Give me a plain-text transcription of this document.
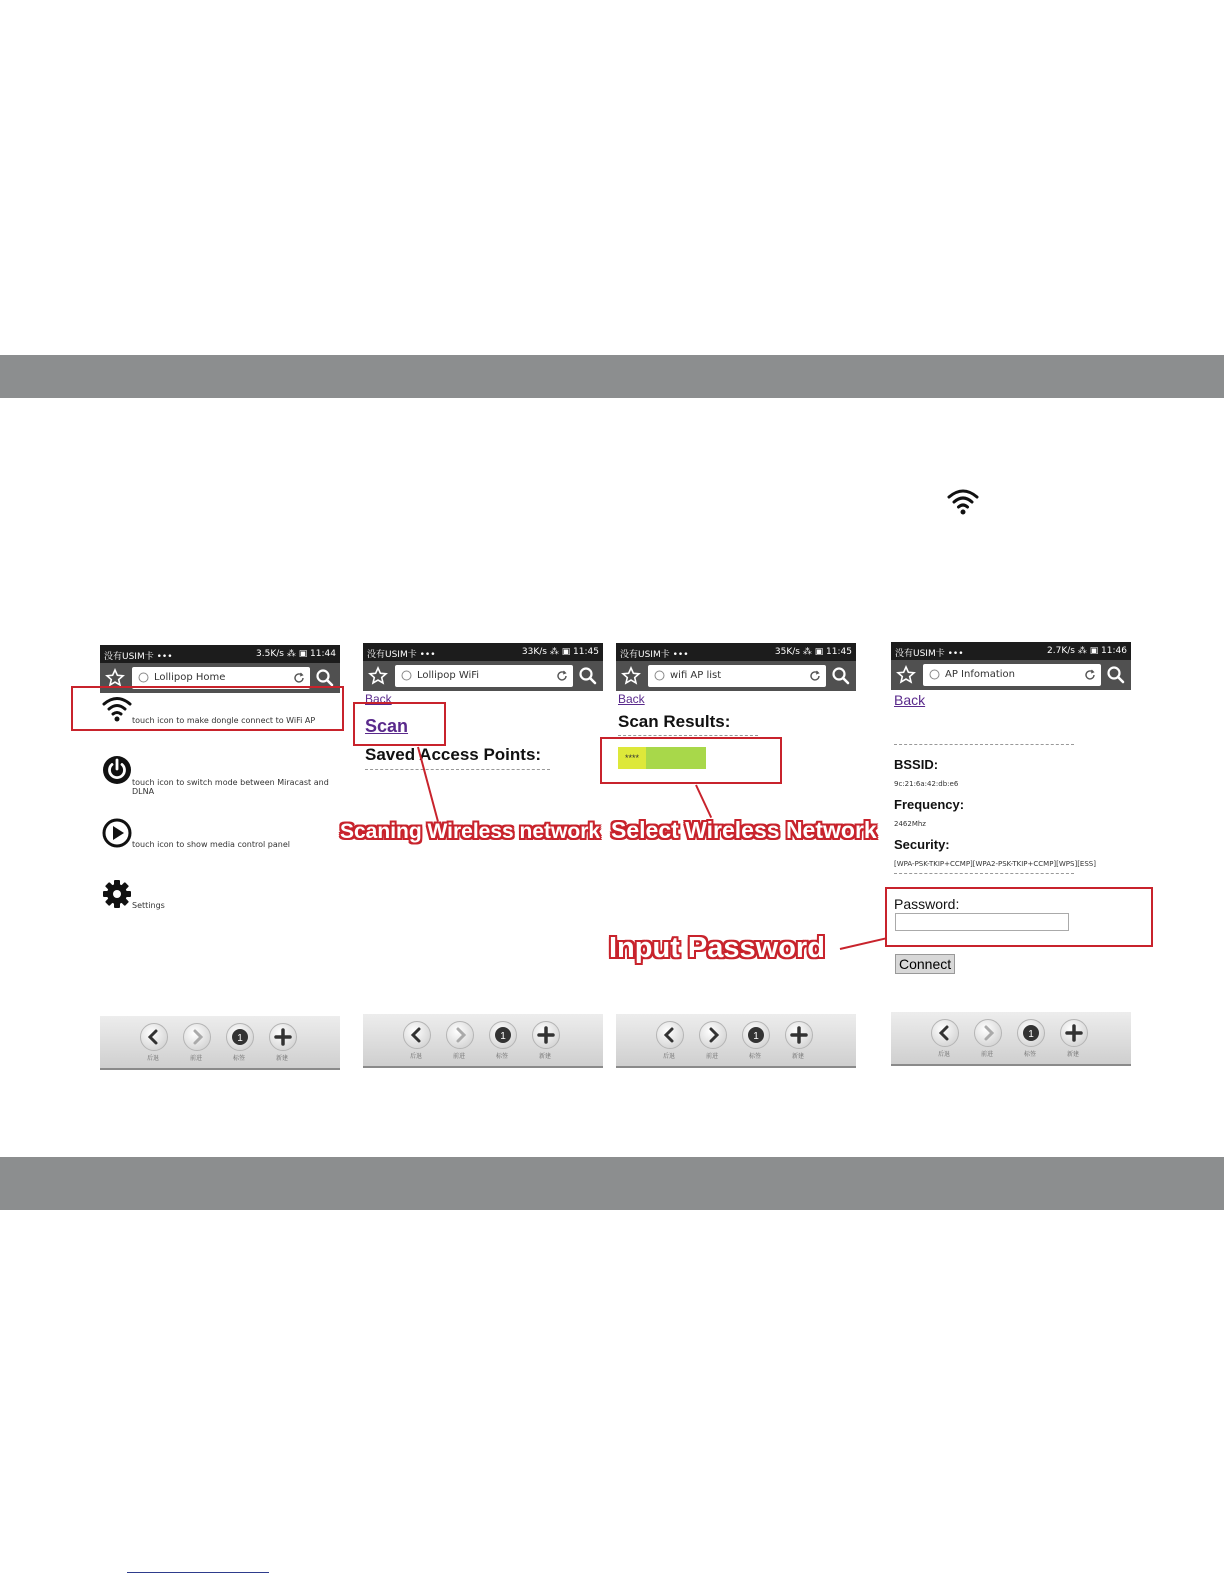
没有USIM卡 •••	3.5K/s ⁂ ▣ 11:44
Lollipop Home
touch icon to make dongle connect to WiFi AP
touch icon to switch mode between Miracast and DLNA
touch icon to show media control panel
Settings
1
后退	前进	标签	新建
没有USIM卡 •••	33K/s ⁂ ▣ 11:45
Lollipop WiFi
Back
Scan
Saved Access Points:
1
后退	前进	标签	新建
没有USIM卡 •••	35K/s ⁂ ▣ 11:45
wifi AP list
Back
Scan Results:
****
1
后退	前进	标签	新建
没有USIM卡 •••	2.7K/s ⁂ ▣ 11:46
AP Infomation
Back
BSSID:
9c:21:6a:42:db:e6
Frequency:
2462Mhz
Security:
[WPA-PSK-TKIP+CCMP][WPA2-PSK-TKIP+CCMP][WPS][ESS]
Password:
Connect
1
后退	前进	标签	新建
Scaning Wireless network Select Wireless Network
Input Password
